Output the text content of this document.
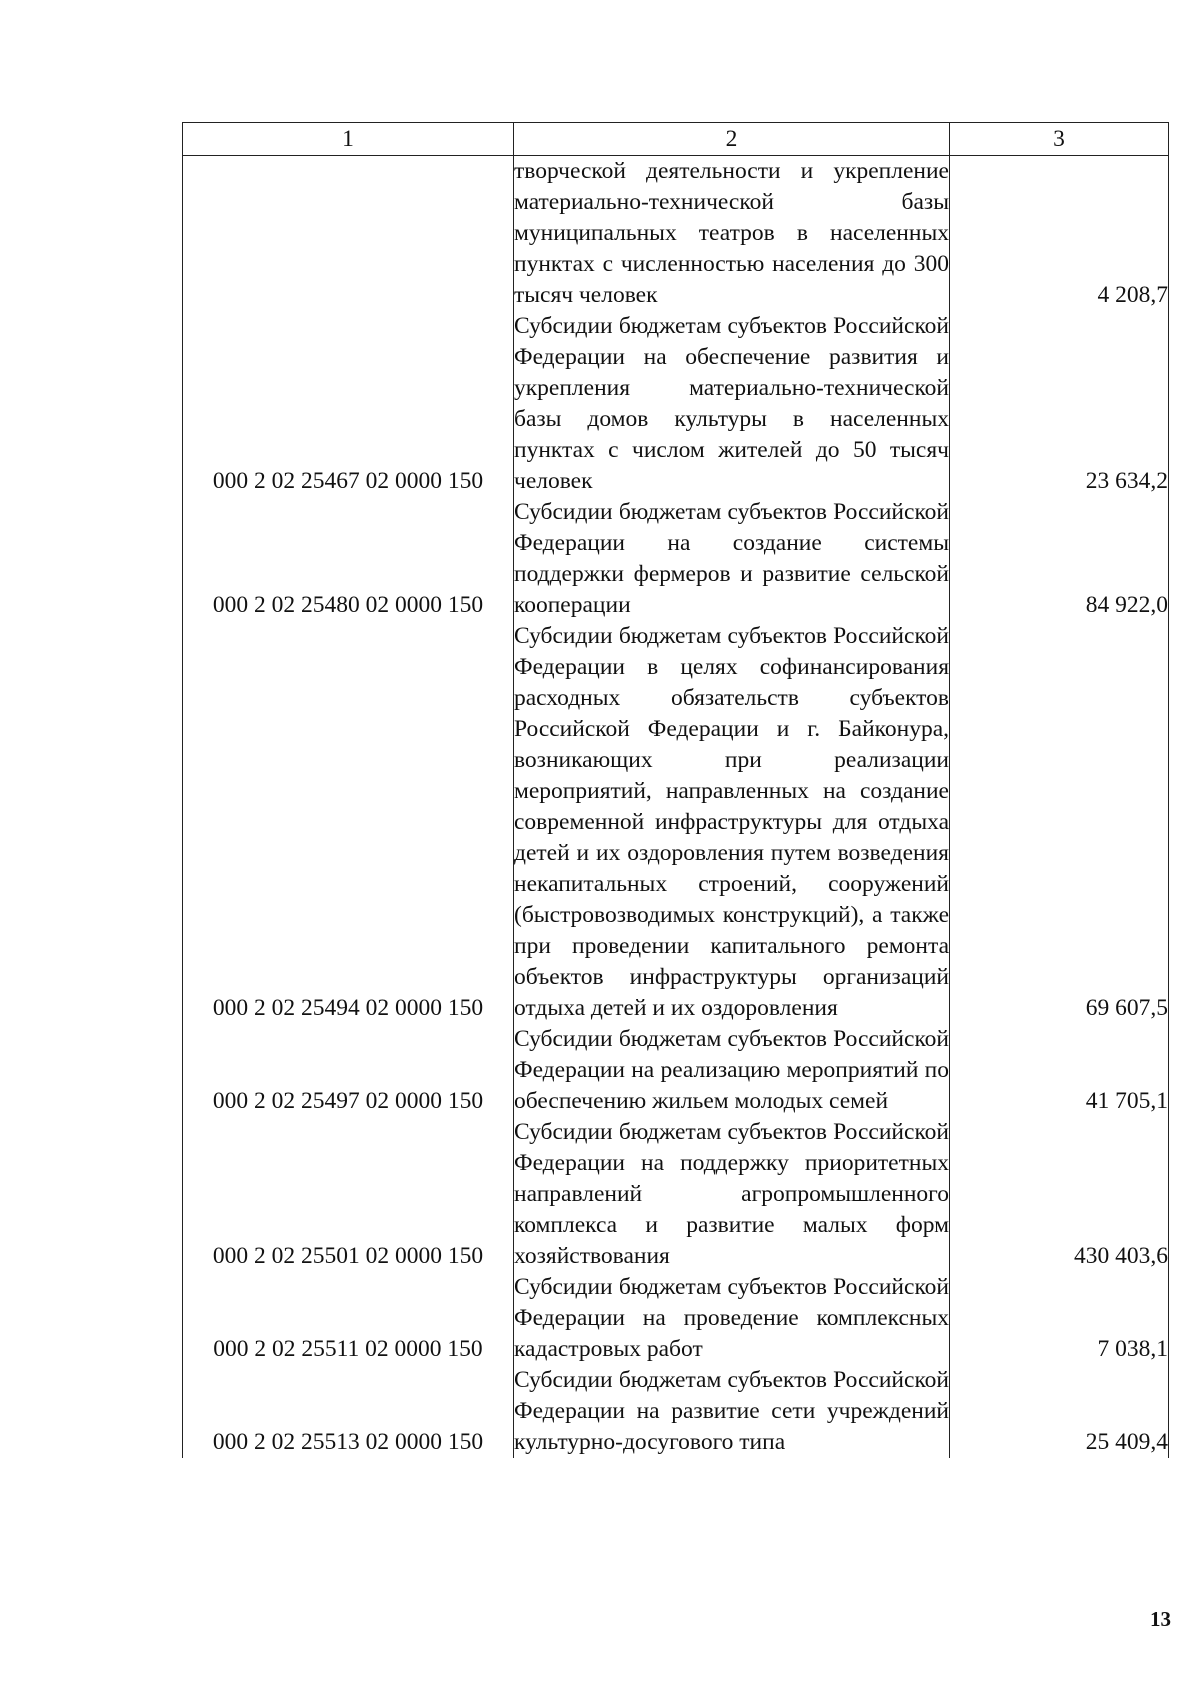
1	2	3
	творческой деятельности и укрепление материально-технической базы муниципальных театров в населенных пунктах с численностью населения до 300 тысяч человек	4 208,7
000 2 02 25467 02 0000 150	Субсидии бюджетам субъектов Российской Федерации на обеспечение развития и укрепления материально-технической базы домов культуры в населенных пунктах с числом жителей до 50 тысяч человек	23 634,2
000 2 02 25480 02 0000 150	Субсидии бюджетам субъектов Российской Федерации на создание системы поддержки фермеров и развитие сельской кооперации	84 922,0
000 2 02 25494 02 0000 150	Субсидии бюджетам субъектов Российской Федерации в целях софинансирования расходных обязательств субъектов Российской Федерации и г. Байконура, возникающих при реализации мероприятий, направленных на создание современной инфраструктуры для отдыха детей и их оздоровления путем возведения некапитальных строений, сооружений (быстровозводимых конструкций), а также при проведении капитального ремонта объектов инфраструктуры организаций отдыха детей и их оздоровления	69 607,5
000 2 02 25497 02 0000 150	Субсидии бюджетам субъектов Российской Федерации на реализацию мероприятий по обеспечению жильем молодых семей	41 705,1
000 2 02 25501 02 0000 150	Субсидии бюджетам субъектов Российской Федерации на поддержку приоритетных направлений агропромышленного комплекса и развитие малых форм хозяйствования	430 403,6
000 2 02 25511 02 0000 150	Субсидии бюджетам субъектов Российской Федерации на проведение комплексных кадастровых работ	7 038,1
000 2 02 25513 02 0000 150	Субсидии бюджетам субъектов Российской Федерации на развитие сети учреждений культурно-досугового типа	25 409,4
13
